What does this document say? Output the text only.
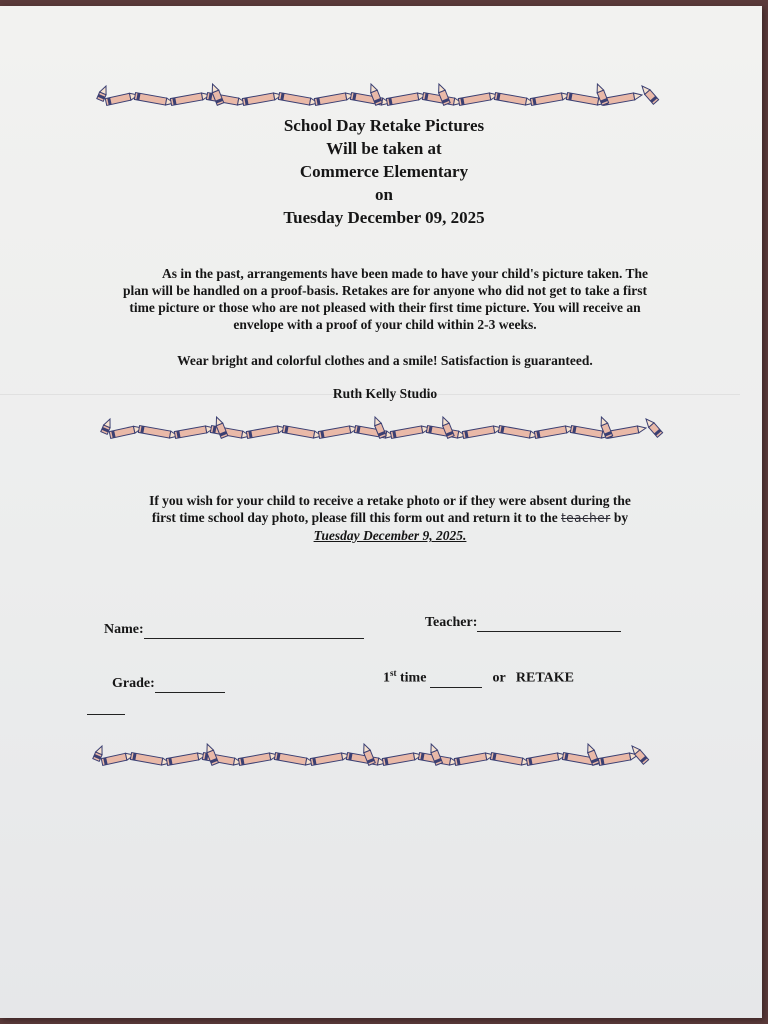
School Day Retake Pictures
Will be taken at
Commerce Elementary
on
Tuesday December 09, 2025
As in the past, arrangements have been made to have your child's picture taken. The
plan will be handled on a proof-basis. Retakes are for anyone who did not get to take a first
time picture or those who are not pleased with their first time picture. You will receive an
envelope with a proof of your child within 2-3 weeks.
Wear bright and colorful clothes and a smile! Satisfaction is guaranteed.
Ruth Kelly Studio
If you wish for your child to receive a retake photo or if they were absent during the
first time school day photo, please fill this form out and return it to the teacher by
Tuesday December 9, 2025.
Name:	Teacher:
Grade:	1st time	or RETAKE
